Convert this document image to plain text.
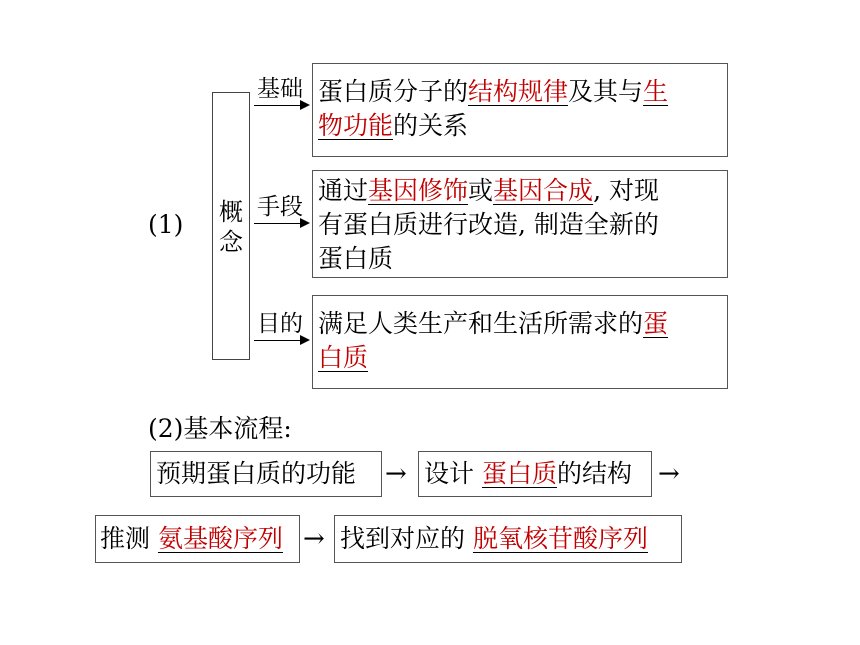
(1) 概
念
基础
手段
目的
蛋白质分子的结构规律及其与生
物功能的关系
通过基因修饰或基因合成, 对现
有蛋白质进行改造, 制造全新的
蛋白质
满足人类生产和生活所需求的蛋
白质
(2)基本流程:
预期蛋白质的功能 → 设计 蛋白质的结构 →
推测 氨基酸序列 → 找到对应的 脱氧核苷酸序列
